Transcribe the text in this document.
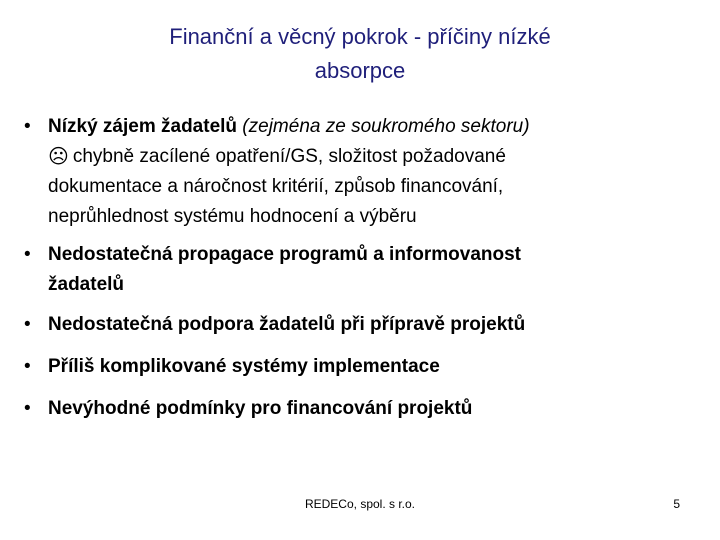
Finanční a věcný pokrok - příčiny nízké
absorpce
• Nízký zájem žadatelů (zejména ze soukromého sektoru)
☹ chybně zacílené opatření/GS, složitost požadované
dokumentace a náročnost kritérií, způsob financování,
neprůhlednost systému hodnocení a výběru
• Nedostatečná propagace programů a informovanost
žadatelů
• Nedostatečná podpora žadatelů při přípravě projektů
• Příliš komplikované systémy implementace
• Nevýhodné podmínky pro financování projektů
REDECo, spol. s r.o.	5
